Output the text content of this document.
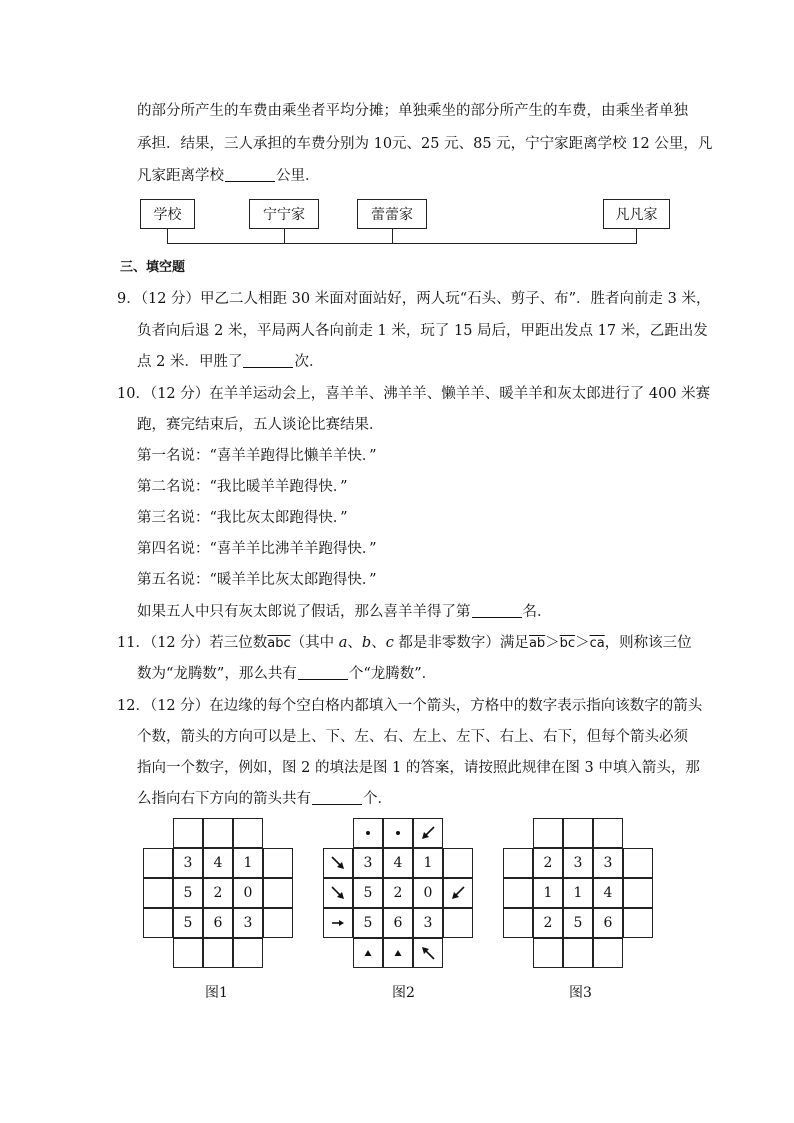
的部分所产生的车费由乘坐者平均分摊；单独乘坐的部分所产生的车费，由乘坐者单独
承担．结果，三人承担的车费分别为 10元、25 元、85 元，宁宁家距离学校 12 公里，凡
凡家距离学校	公里．
学校	宁宁家	蕾蕾家	凡凡家
三、填空题
9．（12 分）甲乙二人相距 30 米面对面站好，两人玩“石头、剪子、布”．胜者向前走 3 米，
负者向后退 2 米，平局两人各向前走 1 米，玩了 15 局后，甲距出发点 17 米，乙距出发
点 2 米．甲胜了	次．
10．（12 分）在羊羊运动会上，喜羊羊、沸羊羊、懒羊羊、暖羊羊和灰太郎进行了 400 米赛
跑，赛完结束后，五人谈论比赛结果．
第一名说：“喜羊羊跑得比懒羊羊快．”
第二名说：“我比暖羊羊跑得快．”
第三名说：“我比灰太郎跑得快．”
第四名说：“喜羊羊比沸羊羊跑得快．”
第五名说：“暖羊羊比灰太郎跑得快．”
如果五人中只有灰太郎说了假话，那么喜羊羊得了第	名．
11．（12 分）若三位数$\overline{abc}$（其中 a、b、c 都是非零数字）满足$\overline{ab}>\overline{bc}>\overline{ca}$，则称该三位
数为“龙腾数”，那么共有	个“龙腾数”．
12．（12 分）在边缘的每个空白格内都填入一个箭头，方格中的数字表示指向该数字的箭头
个数，箭头的方向可以是上、下、左、右、左上、左下、右上、右下，但每个箭头必须
指向一个数字，例如，图 2 的填法是图 1 的答案，请按照此规律在图 3 中填入箭头，那
么指向右下方向的箭头共有	个．
3	4	1
5	2	0
5	6	3
3	4	1
5	2	0
5	6	3
2	3	3
1	1	4
2	5	6
图1	图2	图3
